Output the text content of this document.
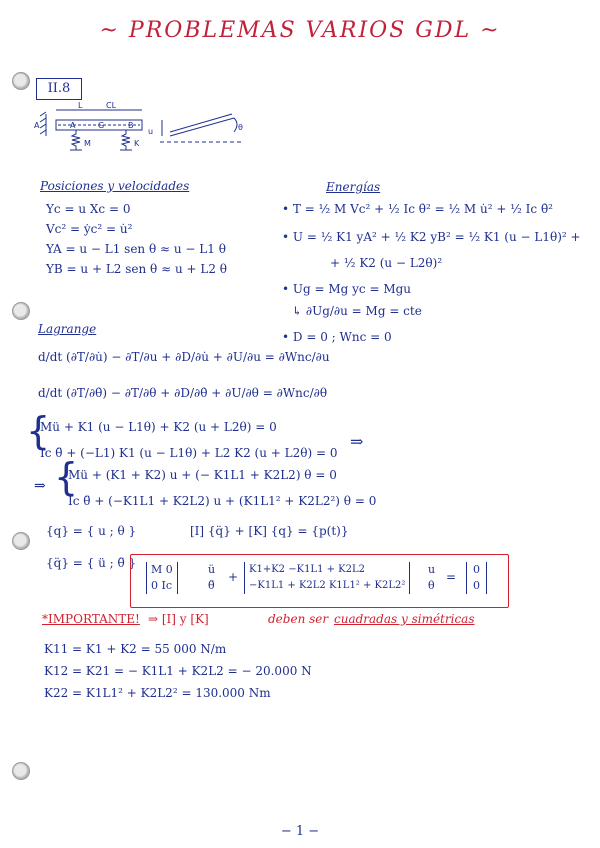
~ PROBLEMAS VARIOS GDL ~
II.8
A
L	CL
A	G	B
M	K
u	θ
Posiciones y velocidades
Yc = u Xc = 0
Vc² = ẏc² = u̇²
YA = u − L1 sen θ ≈ u − L1 θ
YB = u + L2 sen θ ≈ u + L2 θ
Energías
• T = ½ M Vc² + ½ Ic θ̇² = ½ M u̇² + ½ Ic θ̇²
• U = ½ K1 yA² + ½ K2 yB² = ½ K1 (u − L1θ)² +
+ ½ K2 (u − L2θ)²
• Ug = Mg yc = Mgu
↳ ∂Ug/∂u = Mg = cte
• D = 0 ; Wnc = 0
Lagrange
d/dt (∂T/∂u̇) − ∂T/∂u + ∂D/∂u̇ + ∂U/∂u = ∂Wnc/∂u
d/dt (∂T/∂θ̇) − ∂T/∂θ + ∂D/∂θ̇ + ∂U/∂θ = ∂Wnc/∂θ
{
Mü + K1 (u − L1θ) + K2 (u + L2θ) = 0
Ic θ̈ + (−L1) K1 (u − L1θ) + L2 K2 (u + L2θ) = 0
⇒
⇒ {
Mü + (K1 + K2) u + (− K1L1 + K2L2) θ = 0
Ic θ̈ + (−K1L1 + K2L2) u + (K1L1² + K2L2²) θ = 0
{q} = { u ; θ }	[I] {q̈} + [K] {q} = {p(t)}
{q̈} = { ü ; θ̈ } M 0
0 Ic
ü
θ̈
+
K1+K2 −K1L1 + K2L2
−K1L1 + K2L2 K1L1² + K2L2²
u
θ
=
0
0
*IMPORTANTE! ⇒ [I] y [K]	deben ser cuadradas y simétricas
K11 = K1 + K2 = 55 000 N/m
K12 = K21 = − K1L1 + K2L2 = − 20.000 N
K22 = K1L1² + K2L2² = 130.000 Nm
− 1 −
